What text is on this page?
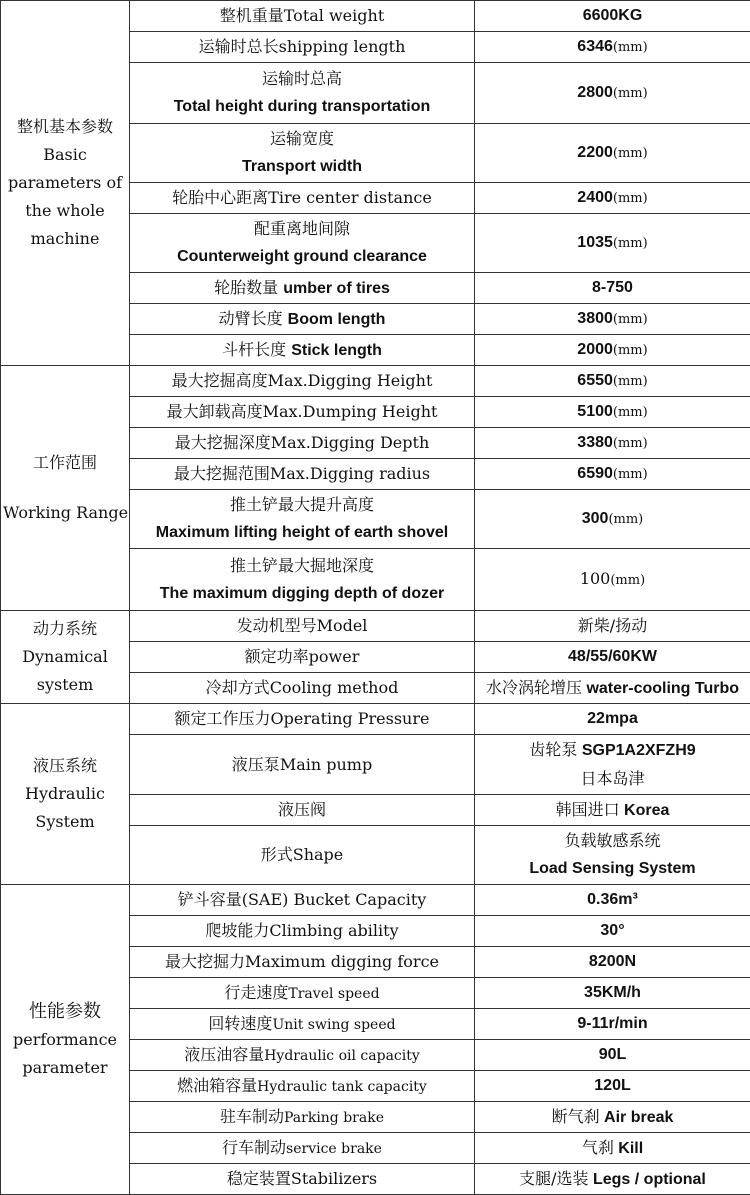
整机基本参数
Basic
parameters of
the whole
machine	整机重量Total weight	6600KG
	运输时总长shipping length	6346(mm)

	运输时总高
Total height during transportation	2800(mm)

	运输宽度
Transport width	2200(mm)
	轮胎中心距离Tire center distance	2400(mm)

	配重离地间隙
Counterweight ground clearance	1035(mm)
	轮胎数量 umber of tires	8-750
	动臂长度 Boom length	3800(mm)
	斗杆长度 Stick length	2000(mm)

工作范围
Working Range	最大挖掘高度Max.Digging Height	6550(mm)
	最大卸载高度Max.Dumping Height	5100(mm)
	最大挖掘深度Max.Digging Depth	3380(mm)
	最大挖掘范围Max.Digging radius	6590(mm)

	推土铲最大提升高度
Maximum lifting height of earth shovel	300(mm)

	推土铲最大掘地深度
The maximum digging depth of dozer	100(mm)

动力系统
Dynamical
system	发动机型号Model	新柴/扬动
	额定功率power	48/55/60KW
	冷却方式Cooling method	水冷涡轮增压 water-cooling Turbo

液压系统
Hydraulic
System	额定工作压力Operating Pressure	22mpa
	液压泵Main pump	齿轮泵 SGP1A2XFZH9
日本岛津

	液压阀	韩国进口 Korea
	形式Shape	负载敏感系统
Load Sensing System

性能参数
performance
parameter	铲斗容量(SAE) Bucket Capacity	0.36m³
	爬坡能力Climbing ability	30°
	最大挖掘力Maximum digging force	8200N
	行走速度Travel speed	35KM/h
	回转速度Unit swing speed	9-11r/min
	液压油容量Hydraulic oil capacity	90L
	燃油箱容量Hydraulic tank capacity	120L
	驻车制动Parking brake	断气刹 Air break
	行车制动service brake	气刹 Kill
	稳定装置Stabilizers	支腿/选装 Legs / optional
